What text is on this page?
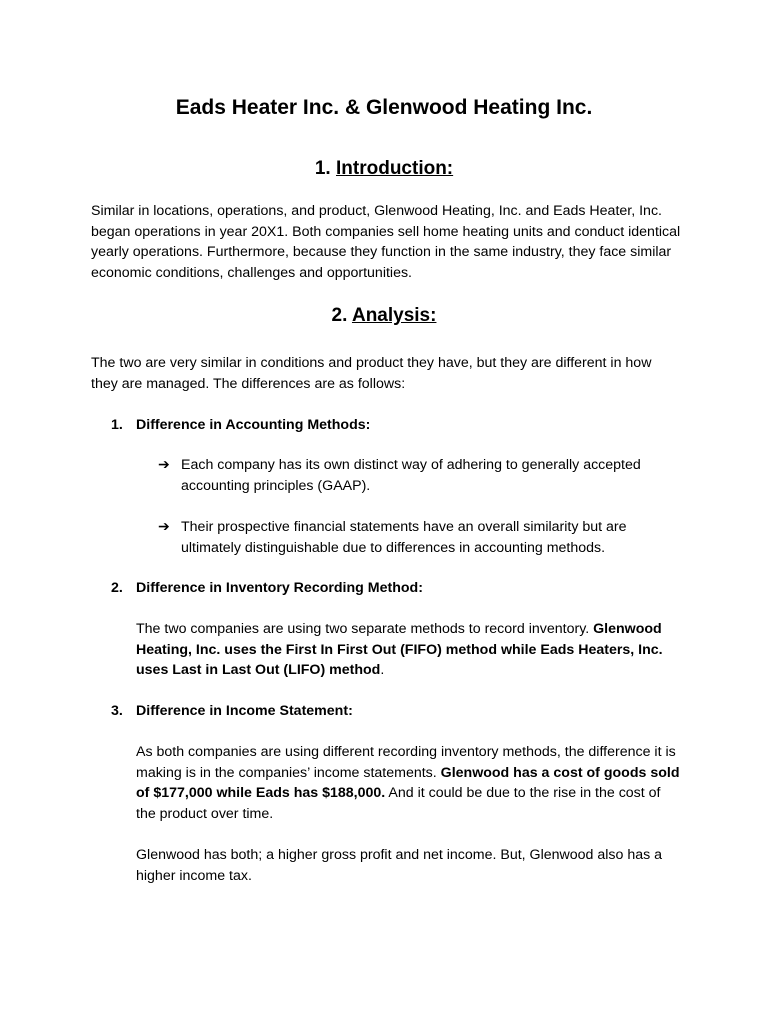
Eads Heater Inc. & Glenwood Heating Inc.
1. Introduction:

Similar in locations, operations, and product, Glenwood Heating, Inc. and Eads Heater, Inc. began operations in year 20X1. Both companies sell home heating units and conduct identical yearly operations. Furthermore, because they function in the same industry, they face similar economic conditions, challenges and opportunities.

2. Analysis:

The two are very similar in conditions and product they have, but they are different in how they are managed. The differences are as follows:

1. Difference in Accounting Methods:
➔ Each company has its own distinct way of adhering to generally accepted accounting principles (GAAP).
➔ Their prospective financial statements have an overall similarity but are ultimately distinguishable due to differences in accounting methods.
2. Difference in Inventory Recording Method:

The two companies are using two separate methods to record inventory. Glenwood Heating, Inc. uses the First In First Out (FIFO) method while Eads Heaters, Inc. uses Last in Last Out (LIFO) method.

3. Difference in Income Statement:

As both companies are using different recording inventory methods, the difference it is making is in the companies’ income statements. Glenwood has a cost of goods sold of $177,000 while Eads has $188,000. And it could be due to the rise in the cost of the product over time.

Glenwood has both; a higher gross profit and net income. But, Glenwood also has a higher income tax.
